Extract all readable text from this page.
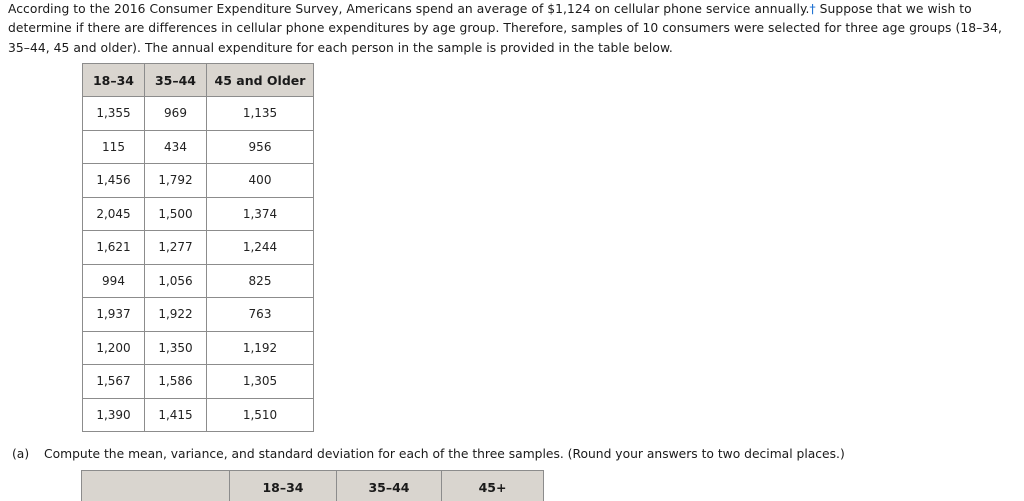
According to the 2016 Consumer Expenditure Survey, Americans spend an average of $1,124 on cellular phone service annually.† Suppose that we wish to determine if there are differences in cellular phone expenditures by age group. Therefore, samples of 10 consumers were selected for three age groups (18–34, 35–44, 45 and older). The annual expenditure for each person in the sample is provided in the table below.
18–34	35–44	45 and Older
1,355	969	1,135
115	434	956
1,456	1,792	400
2,045	1,500	1,374
1,621	1,277	1,244
994	1,056	825
1,937	1,922	763
1,200	1,350	1,192
1,567	1,586	1,305
1,390	1,415	1,510
(a) Compute the mean, variance, and standard deviation for each of the three samples. (Round your answers to two decimal places.)
	18–34	35–44	45+
